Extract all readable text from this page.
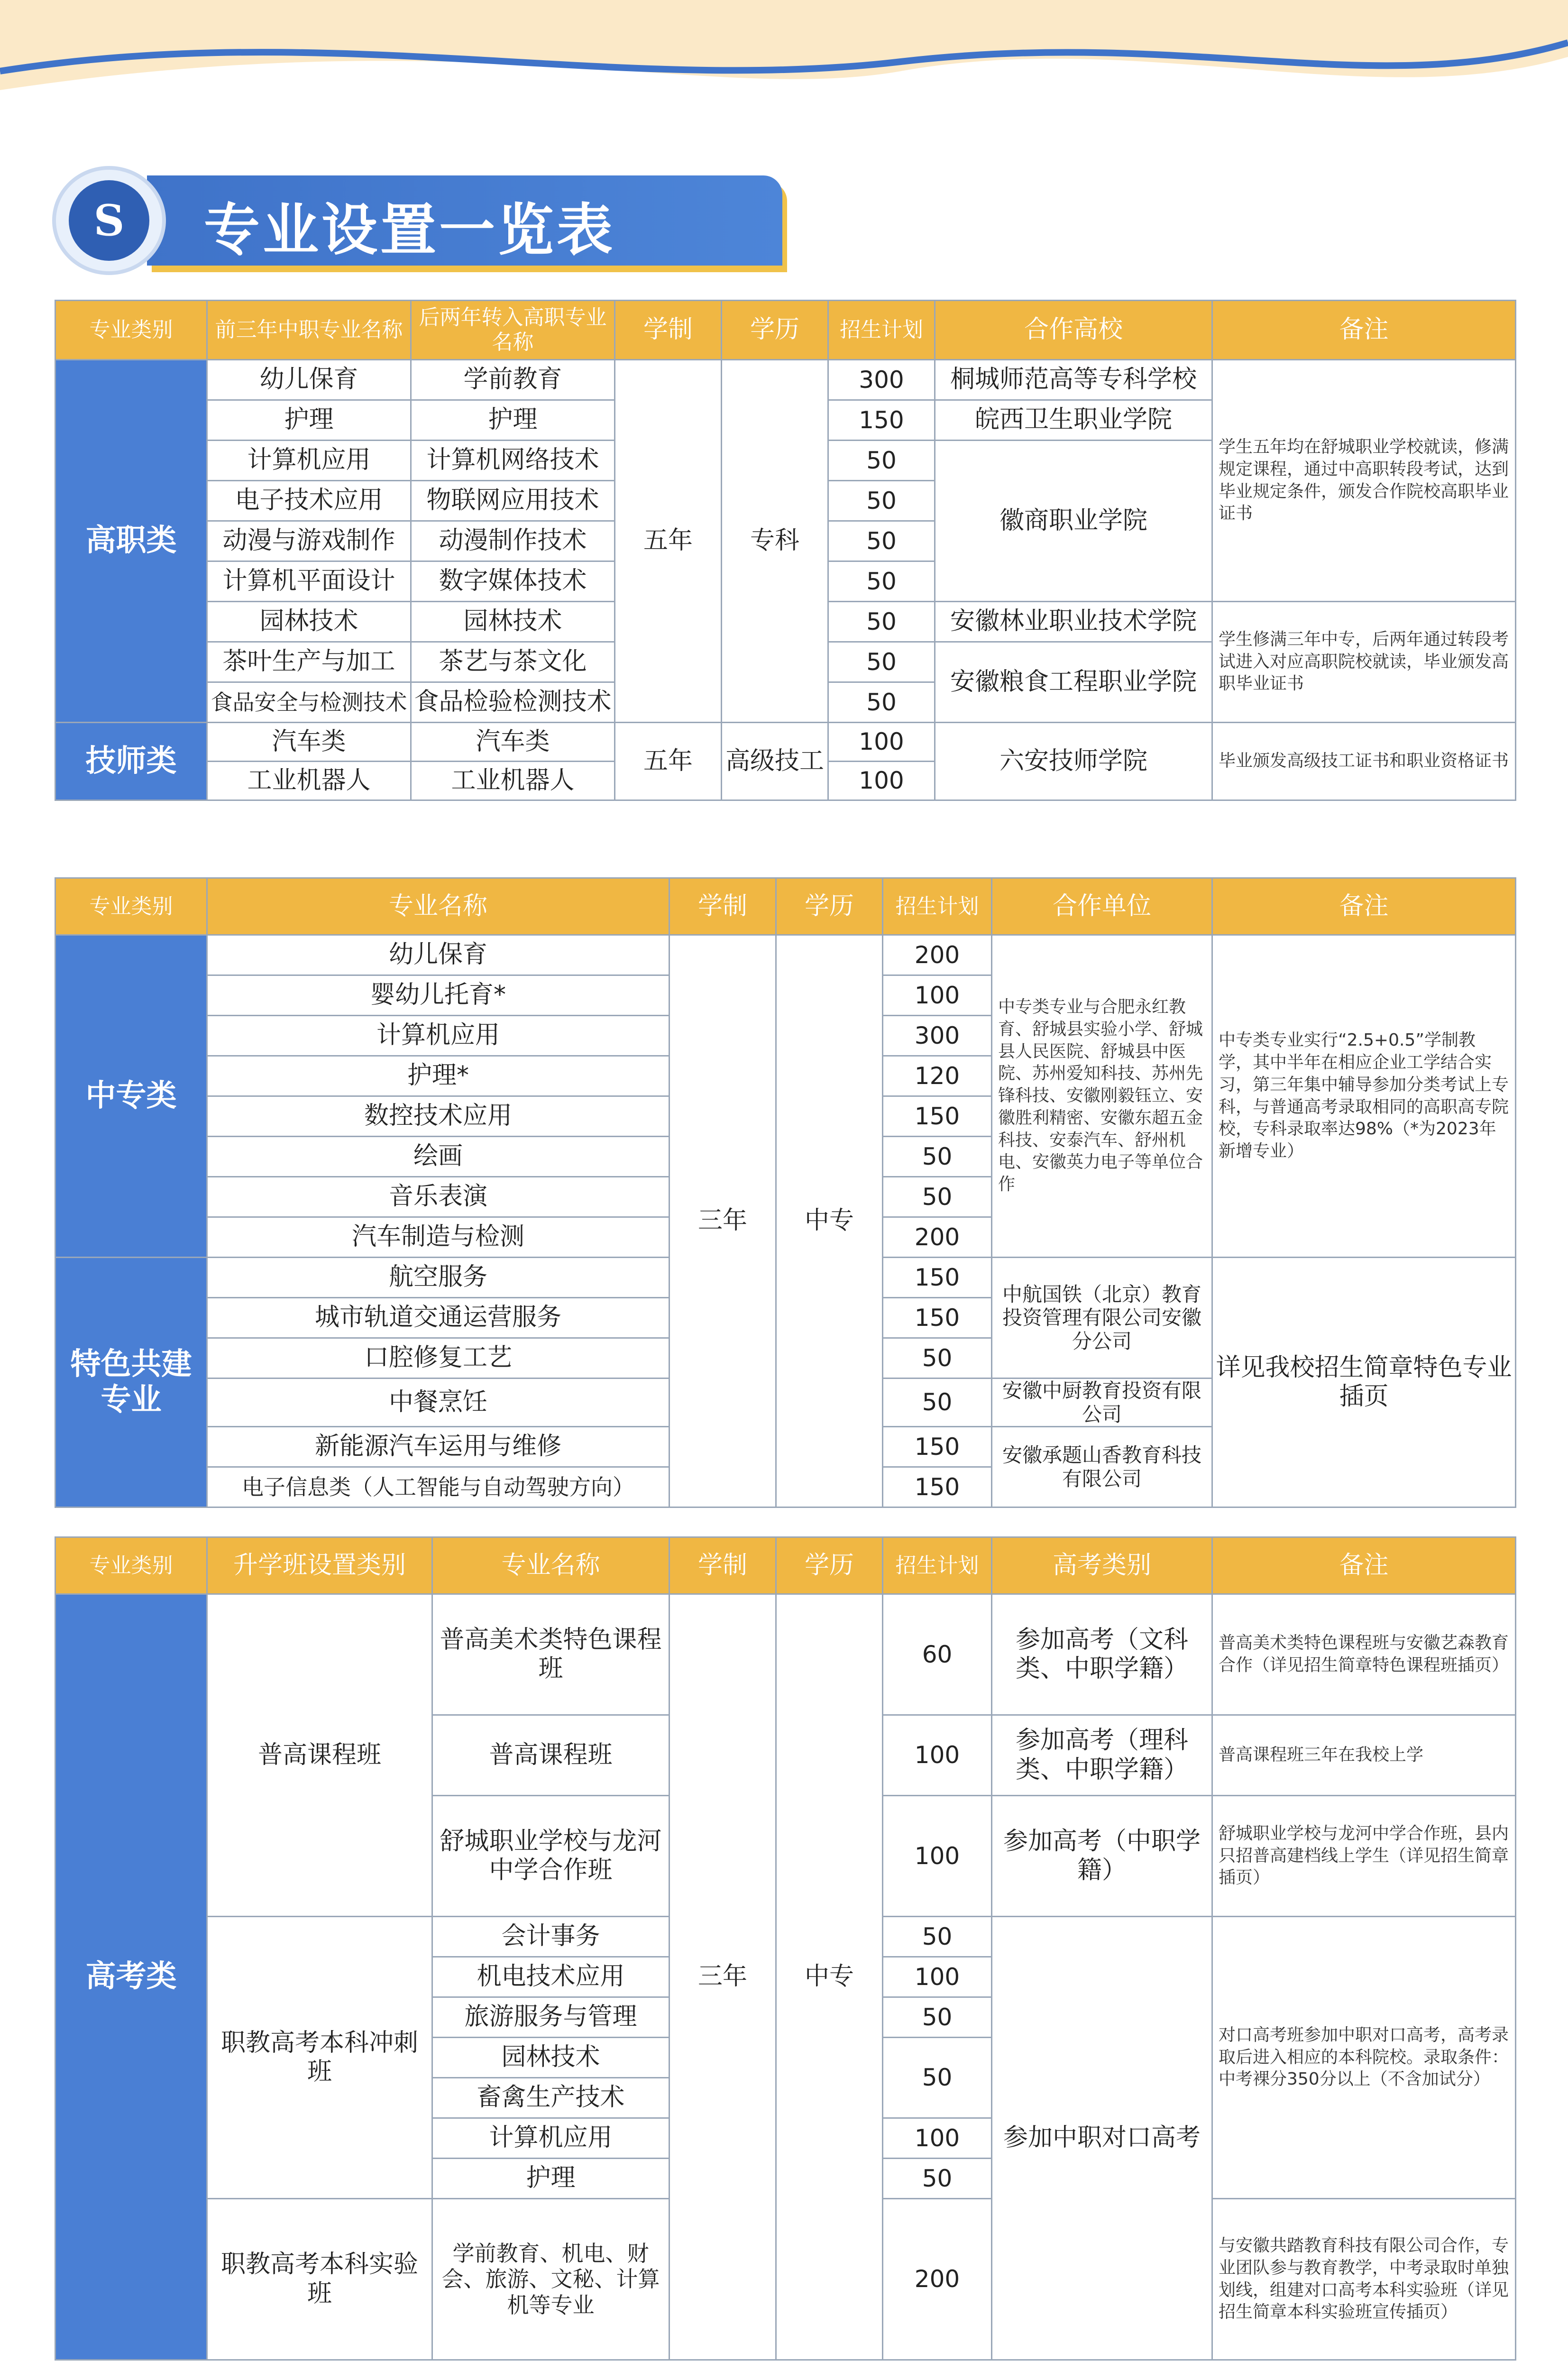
专业设置一览表
S
专业类别	前三年中职专业名称	后两年转入高职专业名称	学制	学历	招生计划	合作高校	备注
高职类	幼儿保育	学前教育	五年	专科	300	桐城师范高等专科学校	学生五年均在舒城职业学校就读，修满规定课程，通过中高职转段考试，达到毕业规定条件，颁发合作院校高职毕业证书
	护理	护理			150	皖西卫生职业学院	
	计算机应用	计算机网络技术			50	徽商职业学院	
	电子技术应用	物联网应用技术			50		
	动漫与游戏制作	动漫制作技术			50		
	计算机平面设计	数字媒体技术			50		
	园林技术	园林技术			50	安徽林业职业技术学院	学生修满三年中专，后两年通过转段考试进入对应高职院校就读，毕业颁发高职毕业证书
	茶叶生产与加工	茶艺与茶文化			50	安徽粮食工程职业学院	
	食品安全与检测技术	食品检验检测技术			50		
技师类	汽车类	汽车类	五年	高级技工	100	六安技师学院	毕业颁发高级技工证书和职业资格证书
	工业机器人	工业机器人			100		
专业类别	专业名称	学制	学历	招生计划	合作单位	备注
中专类	幼儿保育	三年	中专	200	中专类专业与合肥永红教育、舒城县实验小学、舒城县人民医院、舒城县中医院、苏州爱知科技、苏州先锋科技、安徽刚毅钰立、安徽胜利精密、安徽东超五金科技、安泰汽车、舒州机电、安徽英力电子等单位合作	中专类专业实行“2.5+0.5”学制教学，其中半年在相应企业工学结合实习，第三年集中辅导参加分类考试上专科，与普通高考录取相同的高职高专院校，专科录取率达98%（*为2023年新增专业）
	婴幼儿托育*			100		
	计算机应用			300		
	护理*			120		
	数控技术应用			150		
	绘画			50		
	音乐表演			50		
	汽车制造与检测			200		
特色共建专业	航空服务			150	中航国铁（北京）教育投资管理有限公司安徽分公司	详见我校招生简章特色专业插页
	城市轨道交通运营服务			150		
	口腔修复工艺			50		
	中餐烹饪			50	安徽中厨教育投资有限公司	
	新能源汽车运用与维修			150	安徽承题山香教育科技有限公司	
	电子信息类（人工智能与自动驾驶方向）			150		
专业类别	升学班设置类别	专业名称	学制	学历	招生计划	高考类别	备注
高考类	普高课程班	普高美术类特色课程班	三年	中专	60	参加高考（文科类、中职学籍）	普高美术类特色课程班与安徽艺森教育合作（详见招生简章特色课程班插页）
		普高课程班			100	参加高考（理科类、中职学籍）	普高课程班三年在我校上学
		舒城职业学校与龙河中学合作班			100	参加高考（中职学籍）	舒城职业学校与龙河中学合作班，县内只招普高建档线上学生（详见招生简章插页）
	职教高考本科冲刺班	会计事务			50	参加中职对口高考	对口高考班参加中职对口高考，高考录取后进入相应的本科院校。录取条件：中考裸分350分以上（不含加试分）
		机电技术应用			100		
		旅游服务与管理			50		
		园林技术			50		
		畜禽生产技术					
		计算机应用			100		
		护理			50		
	职教高考本科实验班	学前教育、机电、财会、旅游、文秘、计算机等专业			200		与安徽共踏教育科技有限公司合作，专业团队参与教育教学，中考录取时单独划线，组建对口高考本科实验班（详见招生简章本科实验班宣传插页）
